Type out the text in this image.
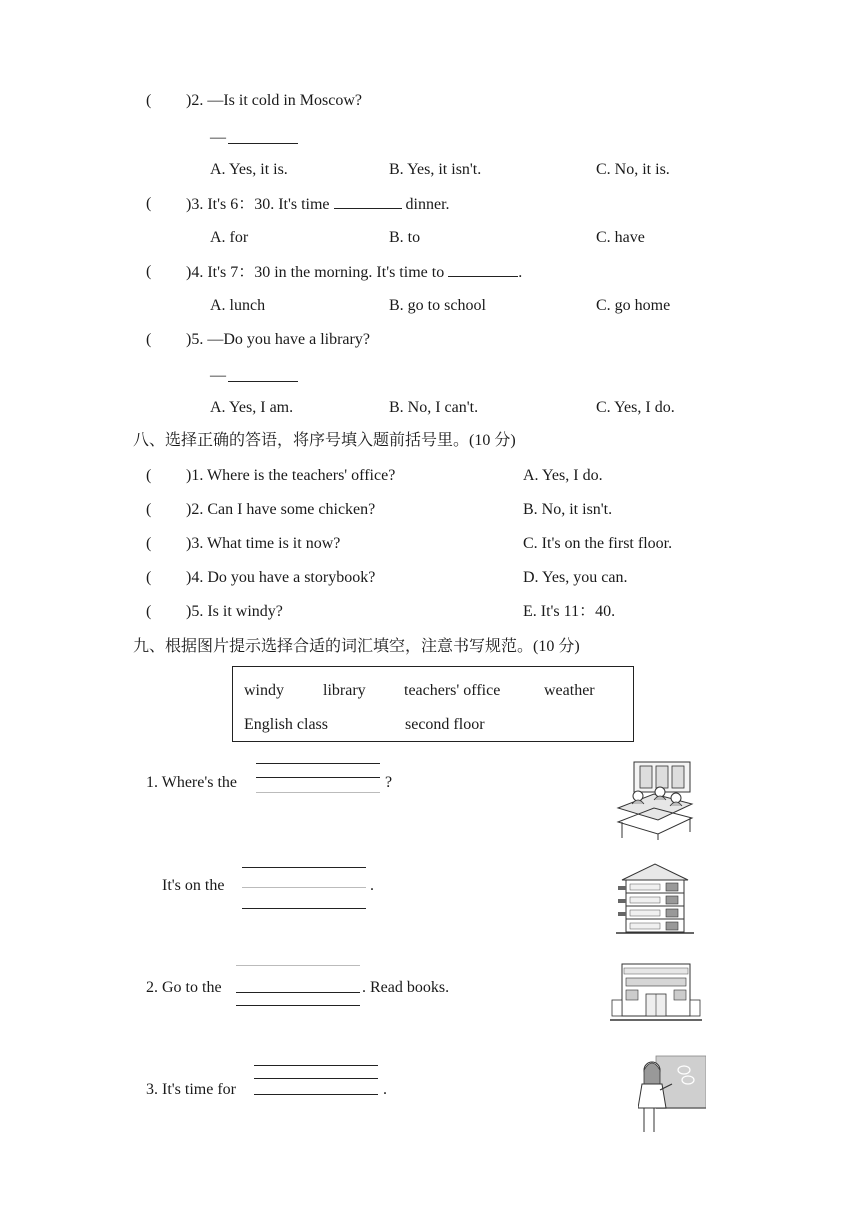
( )2. —Is it cold in Moscow?
—
A. Yes, it is.	B. Yes, it isn't.	C. No, it is.
( )3. It's 6：30. It's time	dinner.
A. for	B. to	C. have
( )4. It's 7：30 in the morning. It's time to	.
A. lunch	B. go to school	C. go home
( )5. —Do you have a library?
—
A. Yes, I am.	B. No, I can't.	C. Yes, I do.
八、选择正确的答语，将序号填入题前括号里。(10 分)
( )1. Where is the teachers' office?	A. Yes, I do.
( )2. Can I have some chicken?	B. No, it isn't.
( )3. What time is it now?	C. It's on the first floor.
( )4. Do you have a storybook?	D. Yes, you can.
( )5. Is it windy?	E. It's 11：40.
九、根据图片提示选择合适的词汇填空，注意书写规范。(10 分)
windy library teachers' office	weather
English class	second floor
1. Where's the	?
It's on the	.
2. Go to the	. Read books.
3. It's time for	.
